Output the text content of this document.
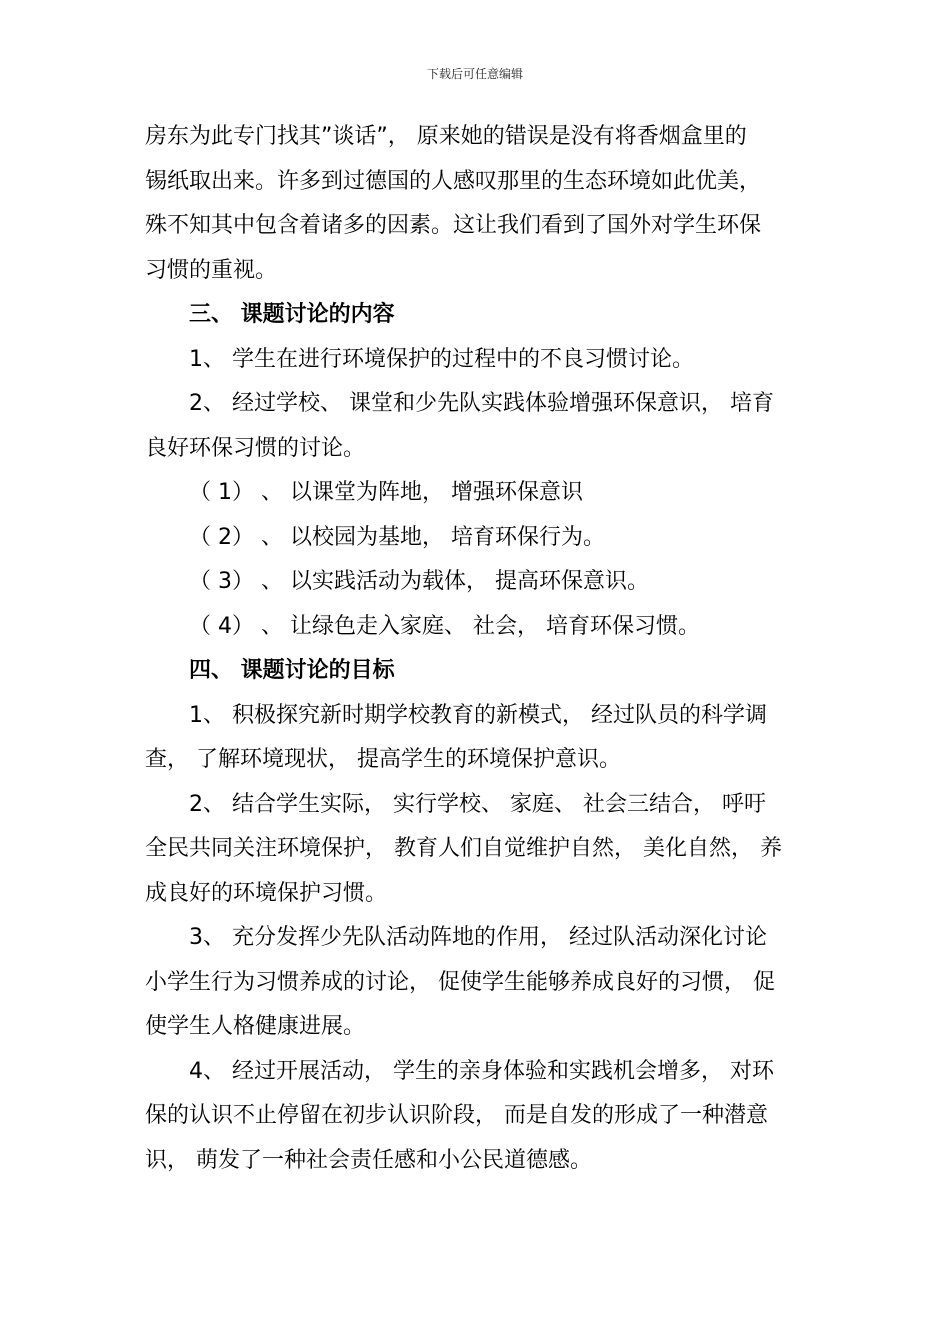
下载后可任意编辑

房东为此专门找其”谈话”， 原来她的错误是没有将香烟盒里的

锡纸取出来。许多到过德国的人感叹那里的生态环境如此优美，

殊不知其中包含着诸多的因素。这让我们看到了国外对学生环保

习惯的重视。

三、 课题讨论的内容

1、 学生在进行环境保护的过程中的不良习惯讨论。

2、 经过学校、 课堂和少先队实践体验增强环保意识， 培育

良好环保习惯的讨论。

（ 1） 、 以课堂为阵地， 增强环保意识

（ 2） 、 以校园为基地， 培育环保行为。

（ 3） 、 以实践活动为载体， 提高环保意识。

（ 4） 、 让绿色走入家庭、 社会， 培育环保习惯。

四、 课题讨论的目标

1、 积极探究新时期学校教育的新模式， 经过队员的科学调

查， 了解环境现状， 提高学生的环境保护意识。

2、 结合学生实际， 实行学校、 家庭、 社会三结合， 呼吁

全民共同关注环境保护， 教育人们自觉维护自然， 美化自然， 养

成良好的环境保护习惯。

3、 充分发挥少先队活动阵地的作用， 经过队活动深化讨论

小学生行为习惯养成的讨论， 促使学生能够养成良好的习惯， 促

使学生人格健康进展。

4、 经过开展活动， 学生的亲身体验和实践机会增多， 对环

保的认识不止停留在初步认识阶段， 而是自发的形成了一种潜意

识， 萌发了一种社会责任感和小公民道德感。
